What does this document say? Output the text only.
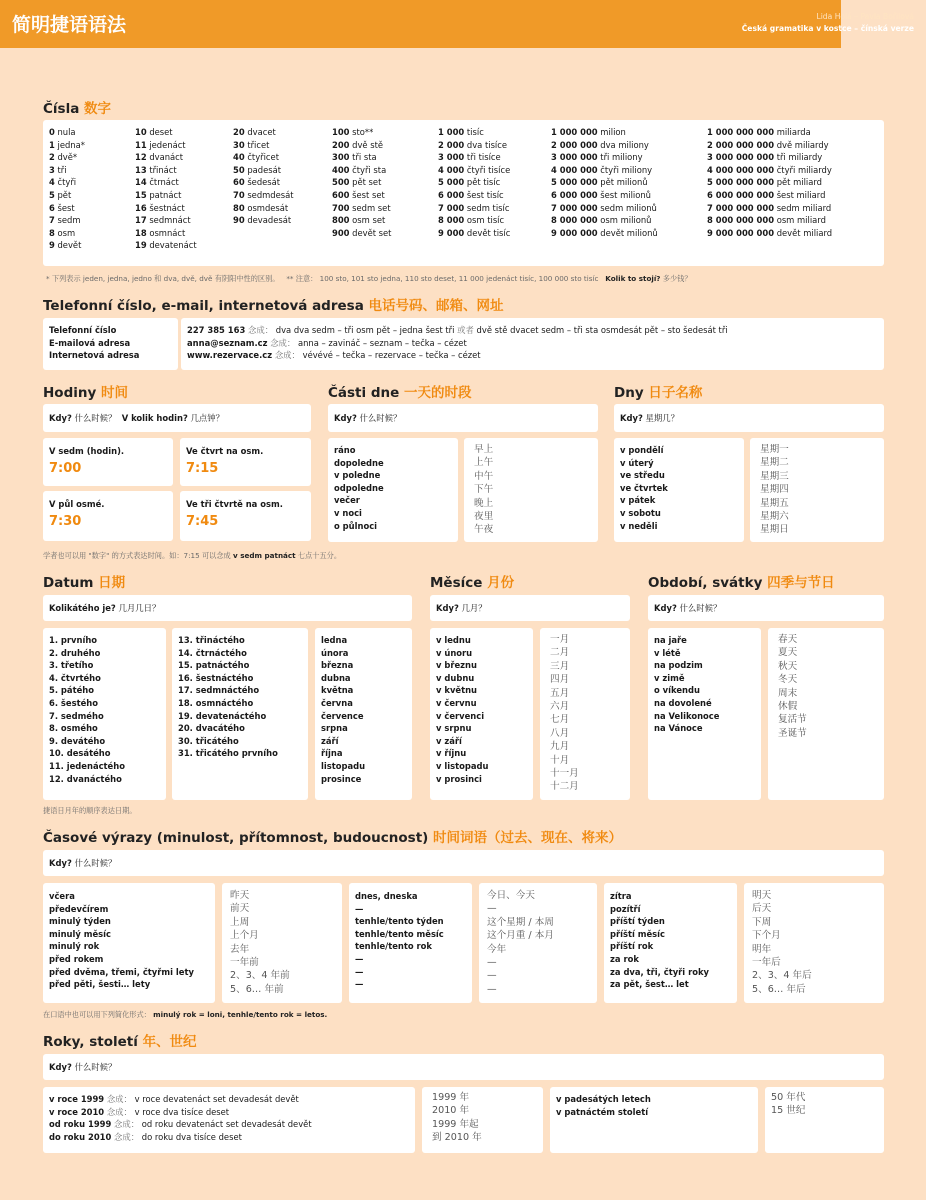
简明捷语语法	Lida Holá – Pavla Bořilová
Česká gramatika v kostce – čínská verze
Čísla 数字
0 nula
1 jedna*
2 dvě*
3 tři
4 čtyři
5 pět
6 šest
7 sedm
8 osm
9 devět
10 deset
11 jedenáct
12 dvanáct
13 třináct
14 čtrnáct
15 patnáct
16 šestnáct
17 sedmnáct
18 osmnáct
19 devatenáct
20 dvacet
30 třicet
40 čtyřicet
50 padesát
60 šedesát
70 sedmdesát
80 osmdesát
90 devadesát
100 sto**
200 dvě stě
300 tři sta
400 čtyři sta
500 pět set
600 šest set
700 sedm set
800 osm set
900 devět set
1 000 tisíc
2 000 dva tisíce
3 000 tři tisíce
4 000 čtyři tisíce
5 000 pět tisíc
6 000 šest tisíc
7 000 sedm tisíc
8 000 osm tisíc
9 000 devět tisíc
1 000 000 milion
2 000 000 dva miliony
3 000 000 tři miliony
4 000 000 čtyři miliony
5 000 000 pět milionů
6 000 000 šest milionů
7 000 000 sedm milionů
8 000 000 osm milionů
9 000 000 devět milionů
1 000 000 000 miliarda
2 000 000 000 dvě miliardy
3 000 000 000 tři miliardy
4 000 000 000 čtyři miliardy
5 000 000 000 pět miliard
6 000 000 000 šest miliard
7 000 000 000 sedm miliard
8 000 000 000 osm miliard
9 000 000 000 devět miliard
* 下列表示 jeden, jedna, jedno 和 dva, dvě, dvě 有阴阳中性的区别。 ** 注意： 100 sto, 101 sto jedna, 110 sto deset, 11 000 jedenáct tisíc, 100 000 sto tisíc Kolik to stojí? 多少钱？
Telefonní číslo, e-mail, internetová adresa 电话号码、邮箱、网址
Telefonní číslo
E-mailová adresa
Internetová adresa
227 385 163 念成： dva dva sedm – tři osm pět – jedna šest tři 或者 dvě stě dvacet sedm – tři sta osmdesát pět – sto šedesát tři
anna@seznam.cz 念成： anna – zavináč – seznam – tečka – cézet
www.rezervace.cz 念成： vévévé – tečka – rezervace – tečka – cézet
Hodiny 时间
Kdy? 什么时候？ V kolik hodin? 几点钟？
V sedm (hodin).
7:00
Ve čtvrt na osm.
7:15
V půl osmé.
7:30
Ve tři čtvrtě na osm.
7:45
学者也可以用 "数字" 的方式表达时间。如：7:15 可以念成 v sedm patnáct 七点十五分。
Části dne 一天的时段
Kdy? 什么时候？
ráno
dopoledne
v poledne
odpoledne
večer
v noci
o půlnoci
早上
上午
中午
下午
晚上
夜里
午夜
Dny 日子名称
Kdy? 星期几？
v pondělí
v úterý
ve středu
ve čtvrtek
v pátek
v sobotu
v neděli
星期一
星期二
星期三
星期四
星期五
星期六
星期日
Datum 日期
Kolikátého je? 几月几日？
1. prvního
2. druhého
3. třetího
4. čtvrtého
5. pátého
6. šestého
7. sedmého
8. osmého
9. devátého
10. desátého
11. jedenáctého
12. dvanáctého
13. třináctého
14. čtrnáctého
15. patnáctého
16. šestnáctého
17. sedmnáctého
18. osmnáctého
19. devatenáctého
20. dvacátého
30. třicátého
31. třicátého prvního
ledna
února
března
dubna
května
června
července
srpna
září
října
listopadu
prosince
捷语日月年的顺序表达日期。
Měsíce 月份
Kdy? 几月？
v lednu
v únoru
v březnu
v dubnu
v květnu
v červnu
v červenci
v srpnu
v září
v říjnu
v listopadu
v prosinci
一月
二月
三月
四月
五月
六月
七月
八月
九月
十月
十一月
十二月
Období, svátky 四季与节日
Kdy? 什么时候？
na jaře
v létě
na podzim
v zimě
o víkendu
na dovolené
na Velikonoce
na Vánoce
春天
夏天
秋天
冬天
周末
休假
复活节
圣诞节
Časové výrazy (minulost, přítomnost, budoucnost) 时间词语（过去、现在、将来）
Kdy? 什么时候？
včera
předevčírem
minulý týden
minulý měsíc
minulý rok
před rokem
před dvěma, třemi, čtyřmi lety
před pěti, šesti… lety
昨天
前天
上周
上个月
去年
一年前
2、3、4 年前
5、6… 年前
dnes, dneska
—
tenhle/tento týden
tenhle/tento měsíc
tenhle/tento rok
—
—
—
今日、今天
—
这个星期 / 本周
这个月重 / 本月
今年
—
—
—
zítra
pozítří
příští týden
příští měsíc
příští rok
za rok
za dva, tři, čtyři roky
za pět, šest… let
明天
后天
下周
下个月
明年
一年后
2、3、4 年后
5、6… 年后
在口语中也可以用下列简化形式： minulý rok = loni, tenhle/tento rok = letos.
Roky, století 年、世纪
Kdy? 什么时候？
v roce 1999 念成： v roce devatenáct set devadesát devět
v roce 2010 念成： v roce dva tisíce deset
od roku 1999 念成： od roku devatenáct set devadesát devět
do roku 2010 念成： do roku dva tisíce deset
1999 年
2010 年
1999 年起
到 2010 年
v padesátých letech
v patnáctém století
50 年代
15 世纪
